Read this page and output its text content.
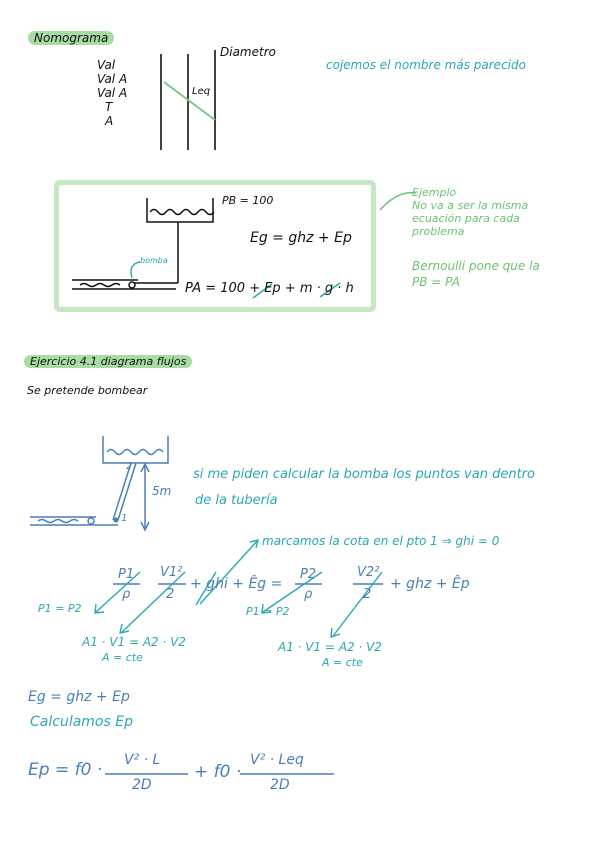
Nomograma
Val
Val A
Val A
T
A
Diametro
Leq
cojemos el nombre más parecido
PB = 100
Eg = ghz + Ep
bomba
PA = 100 + Ep + m · g · h
Ejemplo
No va a ser la misma
ecuación para cada
problema
Bernoulli pone que la
PB = PA
Ejercicio 4.1 diagrama flujos
Se pretende bombear
2
1
5m
si me piden calcular la bomba los puntos van dentro
de la tubería
marcamos la cota en el pto 1 ⇒ ghi = 0
P1
ρ
V1²
2
+ ghi + Êg =
P2
ρ
V2²
2
+ ghz + Êp
P1 = P2	P1 = P2
A1 · V1 = A2 · V2
A = cte
A1 · V1 = A2 · V2
A = cte
Eg = ghz + Ep
Calculamos Ep
Ep = f0 · V² · L
2D
+ f0 ·
V² · Leq
2D
